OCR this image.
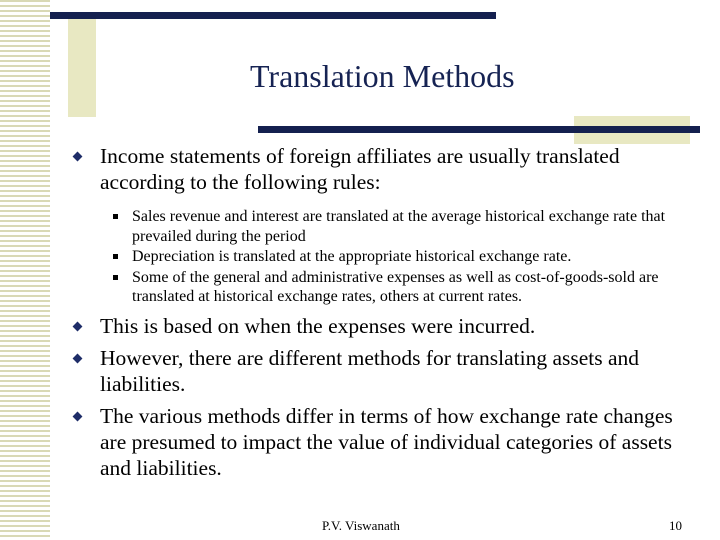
Translation Methods
Income statements of foreign affiliates are usually translated according to the following rules:
Sales revenue and interest are translated at the average historical exchange rate that prevailed during the period
Depreciation is translated at the appropriate historical exchange rate.
Some of the general and administrative expenses as well as cost-of-goods-sold are translated at historical exchange rates, others at current rates.
This is based on when the expenses were incurred.
However, there are different methods for translating assets and liabilities.
The various methods differ in terms of how exchange rate changes are presumed to impact the value of individual categories of assets and liabilities.
P.V. Viswanath	10
